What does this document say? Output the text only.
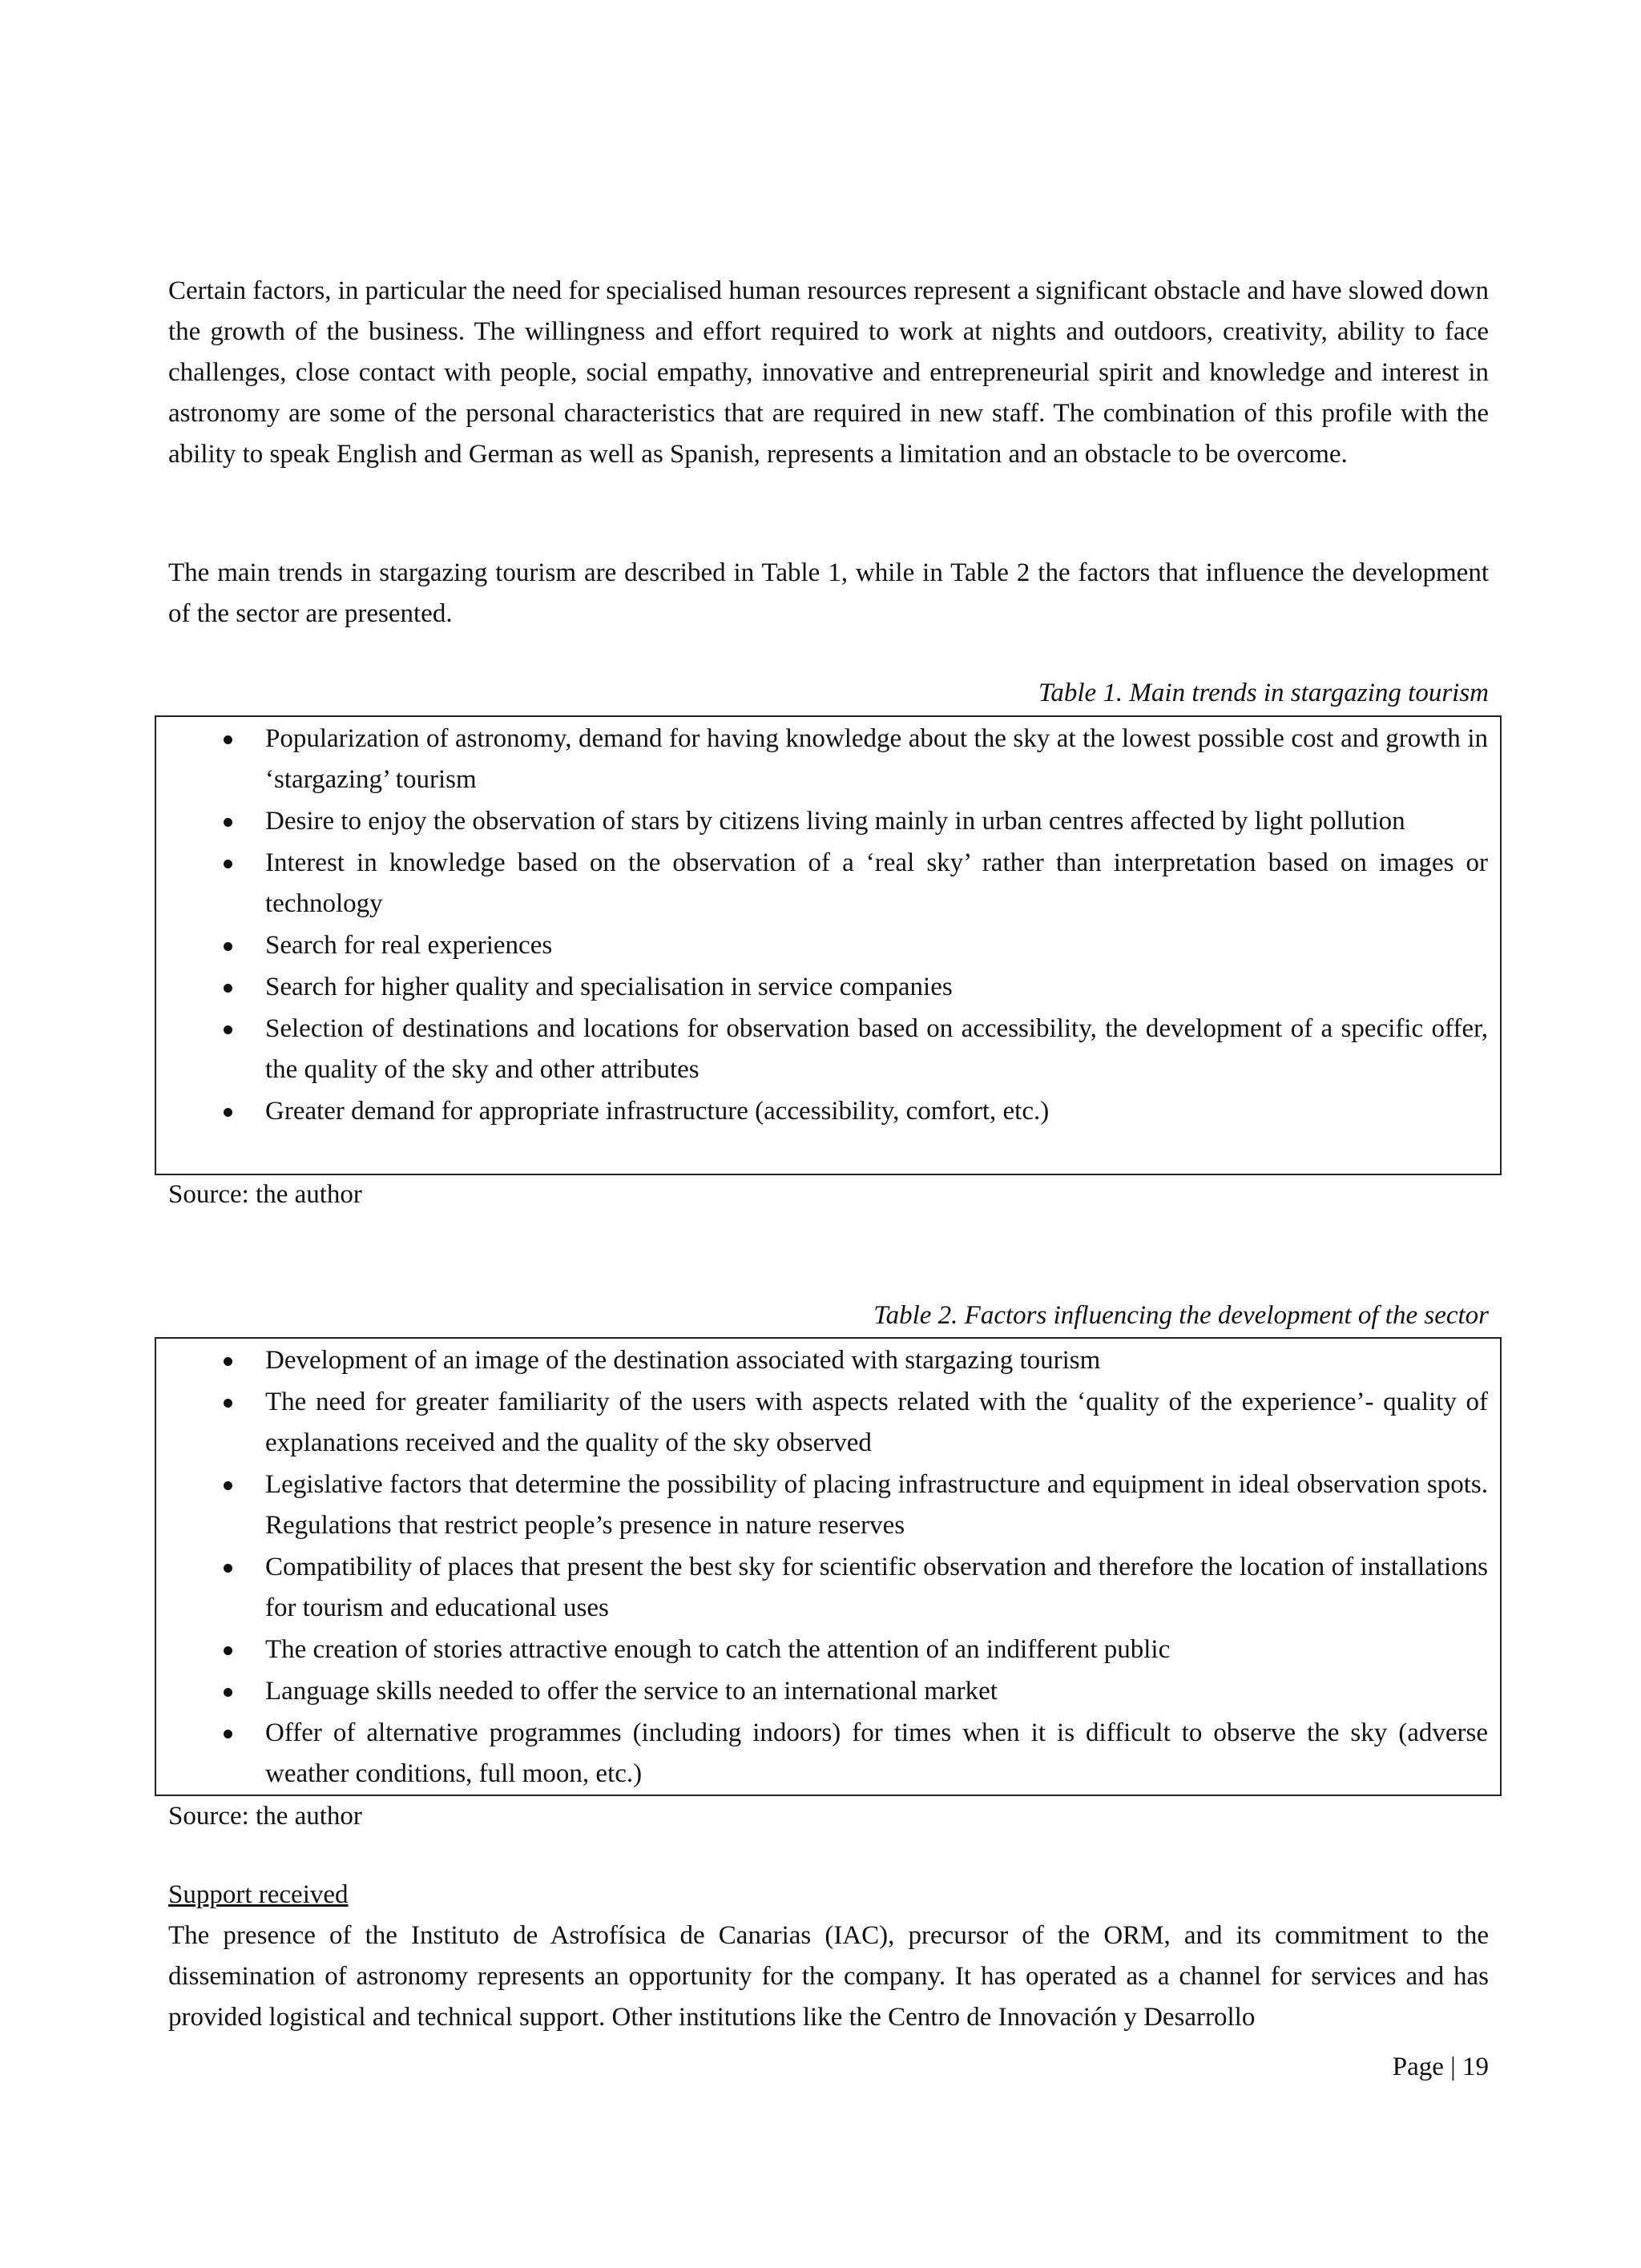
Certain factors, in particular the need for specialised human resources represent a significant obstacle and have slowed down the growth of the business. The willingness and effort required to work at nights and outdoors, creativity, ability to face challenges, close contact with people, social empathy, innovative and entrepreneurial spirit and knowledge and interest in astronomy are some of the personal characteristics that are required in new staff. The combination of this profile with the ability to speak English and German as well as Spanish, represents a limitation and an obstacle to be overcome.

The main trends in stargazing tourism are described in Table 1, while in Table 2 the factors that influence the development of the sector are presented.

Table 1. Main trends in stargazing tourism
Popularization of astronomy, demand for having knowledge about the sky at the lowest possible cost and growth in ‘stargazing’ tourism
Desire to enjoy the observation of stars by citizens living mainly in urban centres affected by light pollution
Interest in knowledge based on the observation of a ‘real sky’ rather than interpretation based on images or technology
Search for real experiences
Search for higher quality and specialisation in service companies
Selection of destinations and locations for observation based on accessibility, the development of a specific offer, the quality of the sky and other attributes
Greater demand for appropriate infrastructure (accessibility, comfort, etc.)
Source: the author
Table 2. Factors influencing the development of the sector
Development of an image of the destination associated with stargazing tourism
The need for greater familiarity of the users with aspects related with the ‘quality of the experience’- quality of explanations received and the quality of the sky observed
Legislative factors that determine the possibility of placing infrastructure and equipment in ideal observation spots. Regulations that restrict people’s presence in nature reserves
Compatibility of places that present the best sky for scientific observation and therefore the location of installations for tourism and educational uses
The creation of stories attractive enough to catch the attention of an indifferent public
Language skills needed to offer the service to an international market
Offer of alternative programmes (including indoors) for times when it is difficult to observe the sky (adverse weather conditions, full moon, etc.)
Source: the author
Support received

The presence of the Instituto de Astrofísica de Canarias (IAC), precursor of the ORM, and its commitment to the dissemination of astronomy represents an opportunity for the company. It has operated as a channel for services and has provided logistical and technical support. Other institutions like the Centro de Innovación y Desarrollo

Page | 19
